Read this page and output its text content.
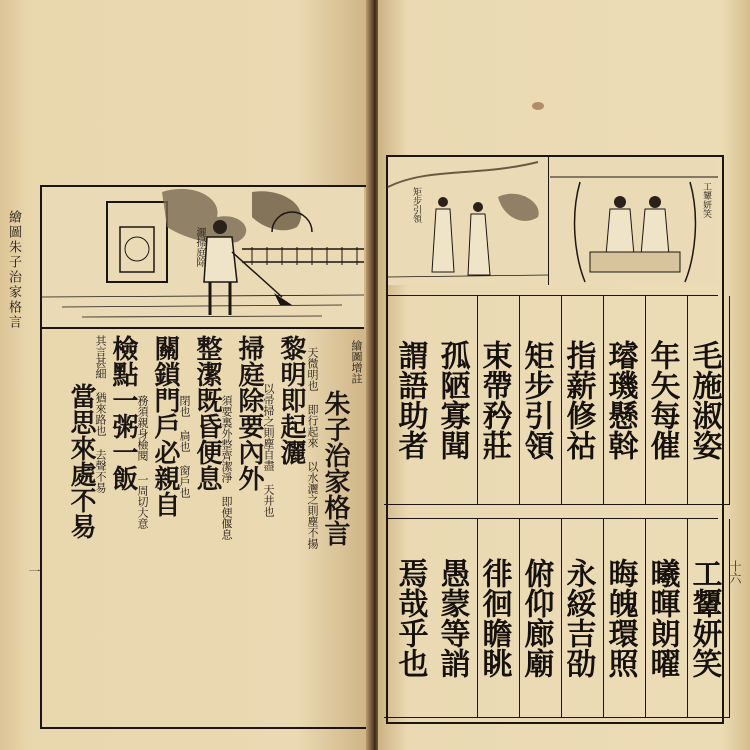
繪圖朱子治家格言
一
灑掃庭除
繪圖增註
朱子治家格言
黎明即起灑 天微明也 即行起來 以水灑之則塵不揚
掃庭除要內外
以帚掃之則塵自盡 天井也
整潔既昏便息
須要裏外整齊潔淨 即便偃息
關鎖門戶必親自
閉也 扃也 窗戶也
檢點一粥一飯
務須親身檢閱 一周切大意
當思來處不易
其言甚細 猶來路也 去聲不易
十六
矩步引領	工顰妍笑
毛施淑姿
年矢每催
璿璣懸斡
指薪修祜
矩步引領
束帶矜莊
孤陋寡聞
謂語助者
工顰妍笑
曦暉朗曜
晦魄環照
永綏吉劭
俯仰廊廟
徘徊瞻眺
愚蒙等誚
焉哉乎也
